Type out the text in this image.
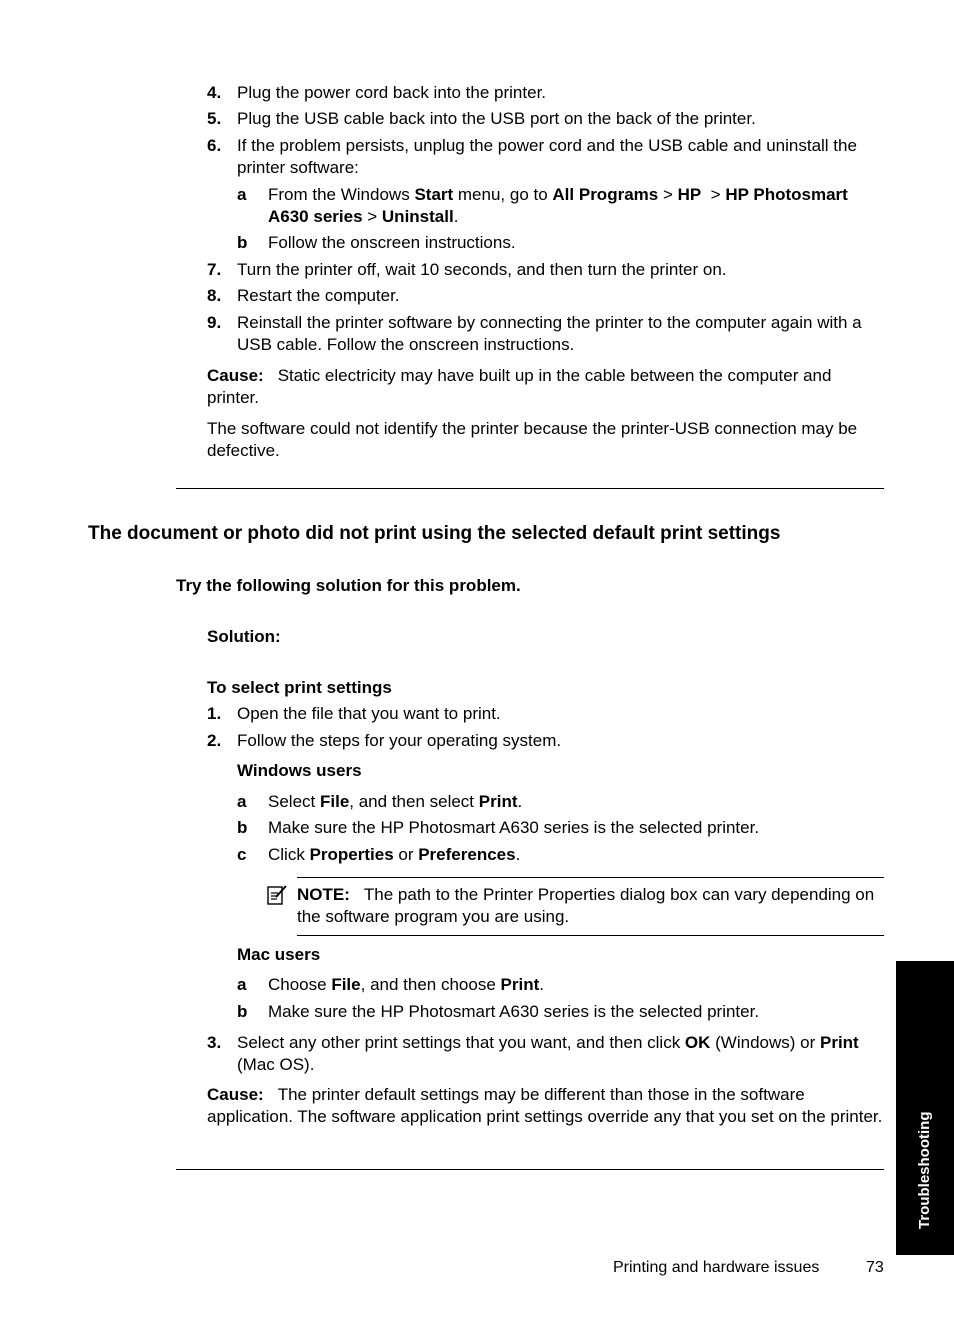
4. Plug the power cord back into the printer.
5. Plug the USB cable back into the USB port on the back of the printer.
6. If the problem persists, unplug the power cord and the USB cable and uninstall the printer software:
a From the Windows Start menu, go to All Programs > HP  > HP Photosmart A630 series > Uninstall.
b Follow the onscreen instructions.
7. Turn the printer off, wait 10 seconds, and then turn the printer on.
8. Restart the computer.
9. Reinstall the printer software by connecting the printer to the computer again with a USB cable. Follow the onscreen instructions.
Cause: Static electricity may have built up in the cable between the computer and printer.
The software could not identify the printer because the printer-USB connection may be defective.
The document or photo did not print using the selected default print settings
Try the following solution for this problem.
Solution:
To select print settings
1. Open the file that you want to print.
2. Follow the steps for your operating system.
Windows users
a Select File, and then select Print.
b Make sure the HP Photosmart A630 series is the selected printer.
c Click Properties or Preferences.
NOTE: The path to the Printer Properties dialog box can vary depending on the software program you are using.
Mac users
a Choose File, and then choose Print.
b Make sure the HP Photosmart A630 series is the selected printer.
3. Select any other print settings that you want, and then click OK (Windows) or Print (Mac OS).
Cause: The printer default settings may be different than those in the software application. The software application print settings override any that you set on the printer.	Troubleshooting
Printing and hardware issues	73
